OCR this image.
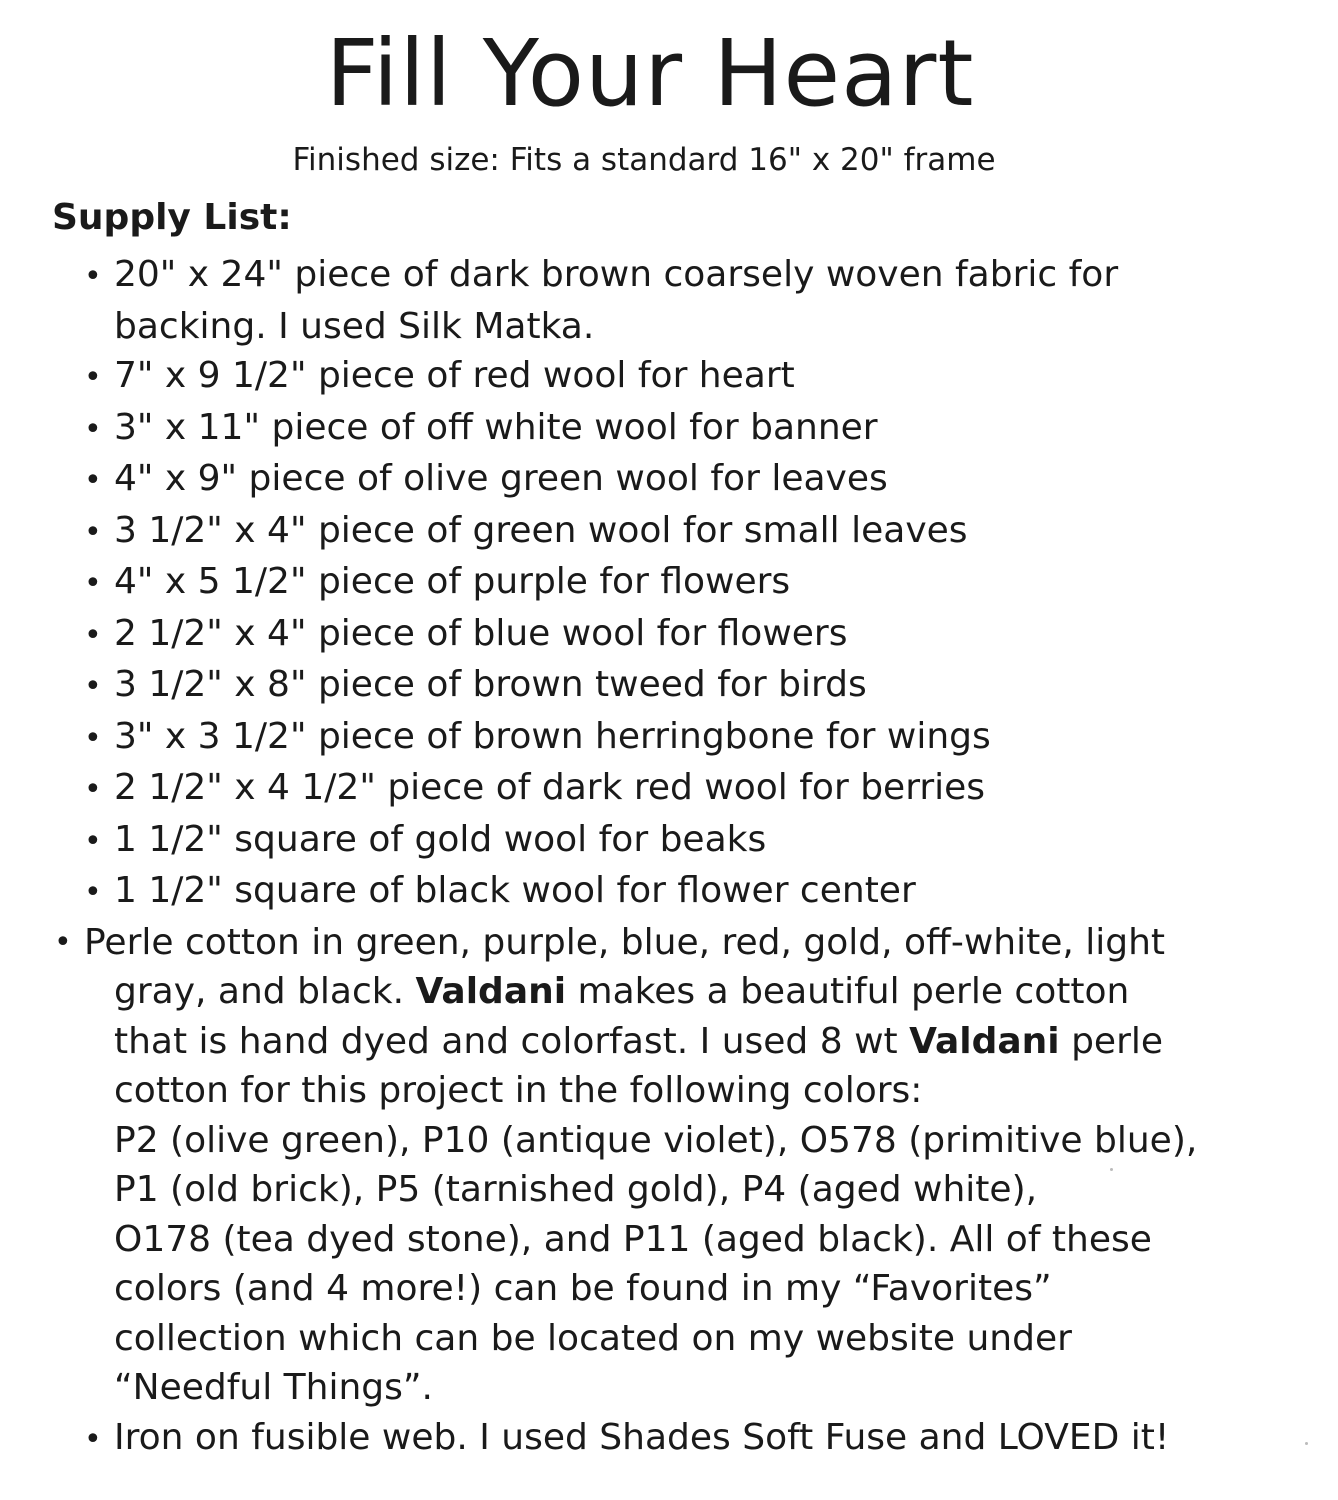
Fill Your Heart
Finished size: Fits a standard 16" x 20" frame
Supply List:
• 20" x 24" piece of dark brown coarsely woven fabric for
backing. I used Silk Matka.
• 7" x 9 1/2" piece of red wool for heart
• 3" x 11" piece of off white wool for banner
• 4" x 9" piece of olive green wool for leaves
• 3 1/2" x 4" piece of green wool for small leaves
• 4" x 5 1/2" piece of purple for flowers
• 2 1/2" x 4" piece of blue wool for flowers
• 3 1/2" x 8" piece of brown tweed for birds
• 3" x 3 1/2" piece of brown herringbone for wings
• 2 1/2" x 4 1/2" piece of dark red wool for berries
• 1 1/2" square of gold wool for beaks
• 1 1/2" square of black wool for flower center
• Perle cotton in green, purple, blue, red, gold, off-white, light
gray, and black. Valdani makes a beautiful perle cotton
that is hand dyed and colorfast. I used 8 wt Valdani perle
cotton for this project in the following colors:
P2 (olive green), P10 (antique violet), O578 (primitive blue),
P1 (old brick), P5 (tarnished gold), P4 (aged white),
O178 (tea dyed stone), and P11 (aged black). All of these
colors (and 4 more!) can be found in my “Favorites”
collection which can be located on my website under
“Needful Things”.
• Iron on fusible web. I used Shades Soft Fuse and LOVED it!
